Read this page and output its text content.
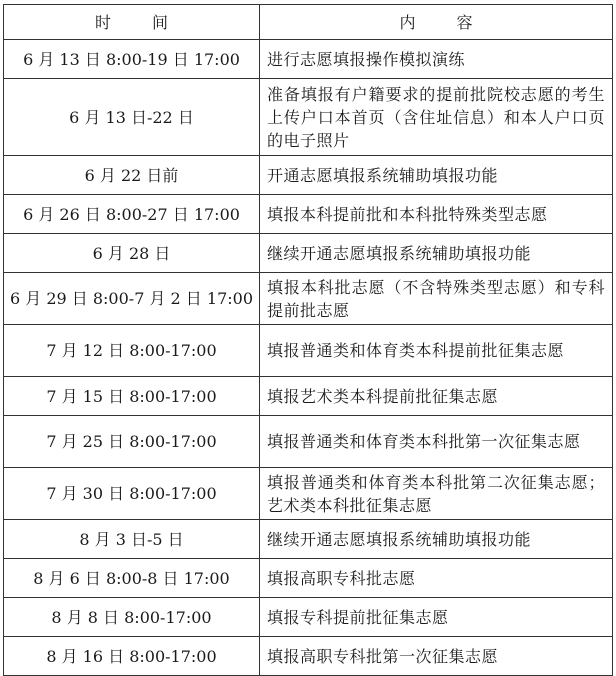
时 间	内 容
6 月 13 日 8:00-19 日 17:00	进行志愿填报操作模拟演练
6 月 13 日-22 日	准备填报有户籍要求的提前批院校志愿的考生上传户口本首页（含住址信息）和本人户口页的电子照片
6 月 22 日前	开通志愿填报系统辅助填报功能
6 月 26 日 8:00-27 日 17:00	填报本科提前批和本科批特殊类型志愿
6 月 28 日	继续开通志愿填报系统辅助填报功能
6 月 29 日 8:00-7 月 2 日 17:00	填报本科批志愿（不含特殊类型志愿）和专科提前批志愿
7 月 12 日 8:00-17:00	填报普通类和体育类本科提前批征集志愿
7 月 15 日 8:00-17:00	填报艺术类本科提前批征集志愿
7 月 25 日 8:00-17:00	填报普通类和体育类本科批第一次征集志愿
7 月 30 日 8:00-17:00	填报普通类和体育类本科批第二次征集志愿；艺术类本科批征集志愿
8 月 3 日-5 日	继续开通志愿填报系统辅助填报功能
8 月 6 日 8:00-8 日 17:00	填报高职专科批志愿
8 月 8 日 8:00-17:00	填报专科提前批征集志愿
8 月 16 日 8:00-17:00	填报高职专科批第一次征集志愿
